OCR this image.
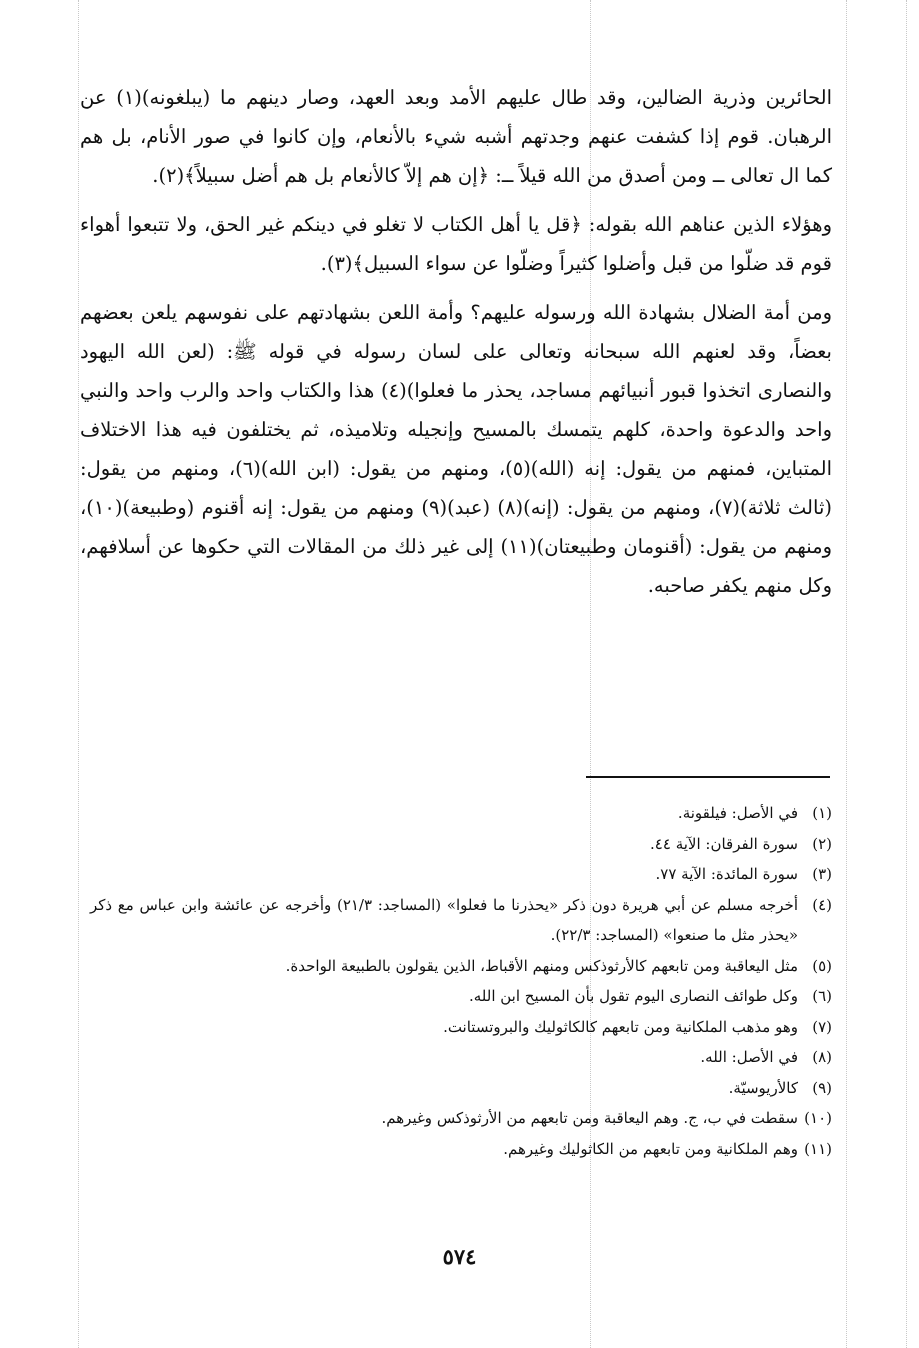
الحائرين وذرية الضالين، وقد طال عليهم الأمد وبعد العهد، وصار دينهم ما (يبلغونه)(١) عن الرهبان. قوم إذا كشفت عنهم وجدتهم أشبه شيء بالأنعام، وإن كانوا في صور الأنام، بل هم كما ال تعالى ــ ومن أصدق من الله قيلاً ــ: ﴿إن هم إلاّ كالأنعام بل هم أضل سبيلاً﴾(٢).

وهؤلاء الذين عناهم الله بقوله: ﴿قل يا أهل الكتاب لا تغلو في دينكم غير الحق، ولا تتبعوا أهواء قوم قد ضلّوا من قبل وأضلوا كثيراً وضلّوا عن سواء السبيل﴾(٣).

ومن أمة الضلال بشهادة الله ورسوله عليهم؟ وأمة اللعن بشهادتهم على نفوسهم يلعن بعضهم بعضاً، وقد لعنهم الله سبحانه وتعالى على لسان رسوله في قوله ﷺ: (لعن الله اليهود والنصارى اتخذوا قبور أنبيائهم مساجد، يحذر ما فعلوا)(٤) هذا والكتاب واحد والرب واحد والنبي واحد والدعوة واحدة، كلهم يتمسك بالمسيح وإنجيله وتلاميذه، ثم يختلفون فيه هذا الاختلاف المتباين، فمنهم من يقول: إنه (الله)(٥)، ومنهم من يقول: (ابن الله)(٦)، ومنهم من يقول: (ثالث ثلاثة)(٧)، ومنهم من يقول: (إنه)(٨) (عبد)(٩) ومنهم من يقول: إنه أقنوم (وطبيعة)(١٠)، ومنهم من يقول: (أقنومان وطبيعتان)(١١) إلى غير ذلك من المقالات التي حكوها عن أسلافهم، وكل منهم يكفر صاحبه.

(١)
في الأصل: فيلقونة.
(٢)
سورة الفرقان: الآية ٤٤.
(٣)
سورة المائدة: الآية ٧٧.
(٤)
أخرجه مسلم عن أبي هريرة دون ذكر «يحذرنا ما فعلوا» (المساجد: ٢١/٣) وأخرجه عن عائشة وابن عباس مع ذكر «يحذر مثل ما صنعوا» (المساجد: ٢٢/٣).
(٥)
مثل اليعاقبة ومن تابعهم كالأرثوذكس ومنهم الأقباط، الذين يقولون بالطبيعة الواحدة.
(٦)
وكل طوائف النصارى اليوم تقول بأن المسيح ابن الله.
(٧)
وهو مذهب الملكانية ومن تابعهم كالكاثوليك والبروتستانت.
(٨)
في الأصل: الله.
(٩)
كالأريوسيّة.
(١٠)
سقطت في ب، ج. وهم اليعاقبة ومن تابعهم من الأرثوذكس وغيرهم.
(١١)
وهم الملكانية ومن تابعهم من الكاثوليك وغيرهم.
٥٧٤
